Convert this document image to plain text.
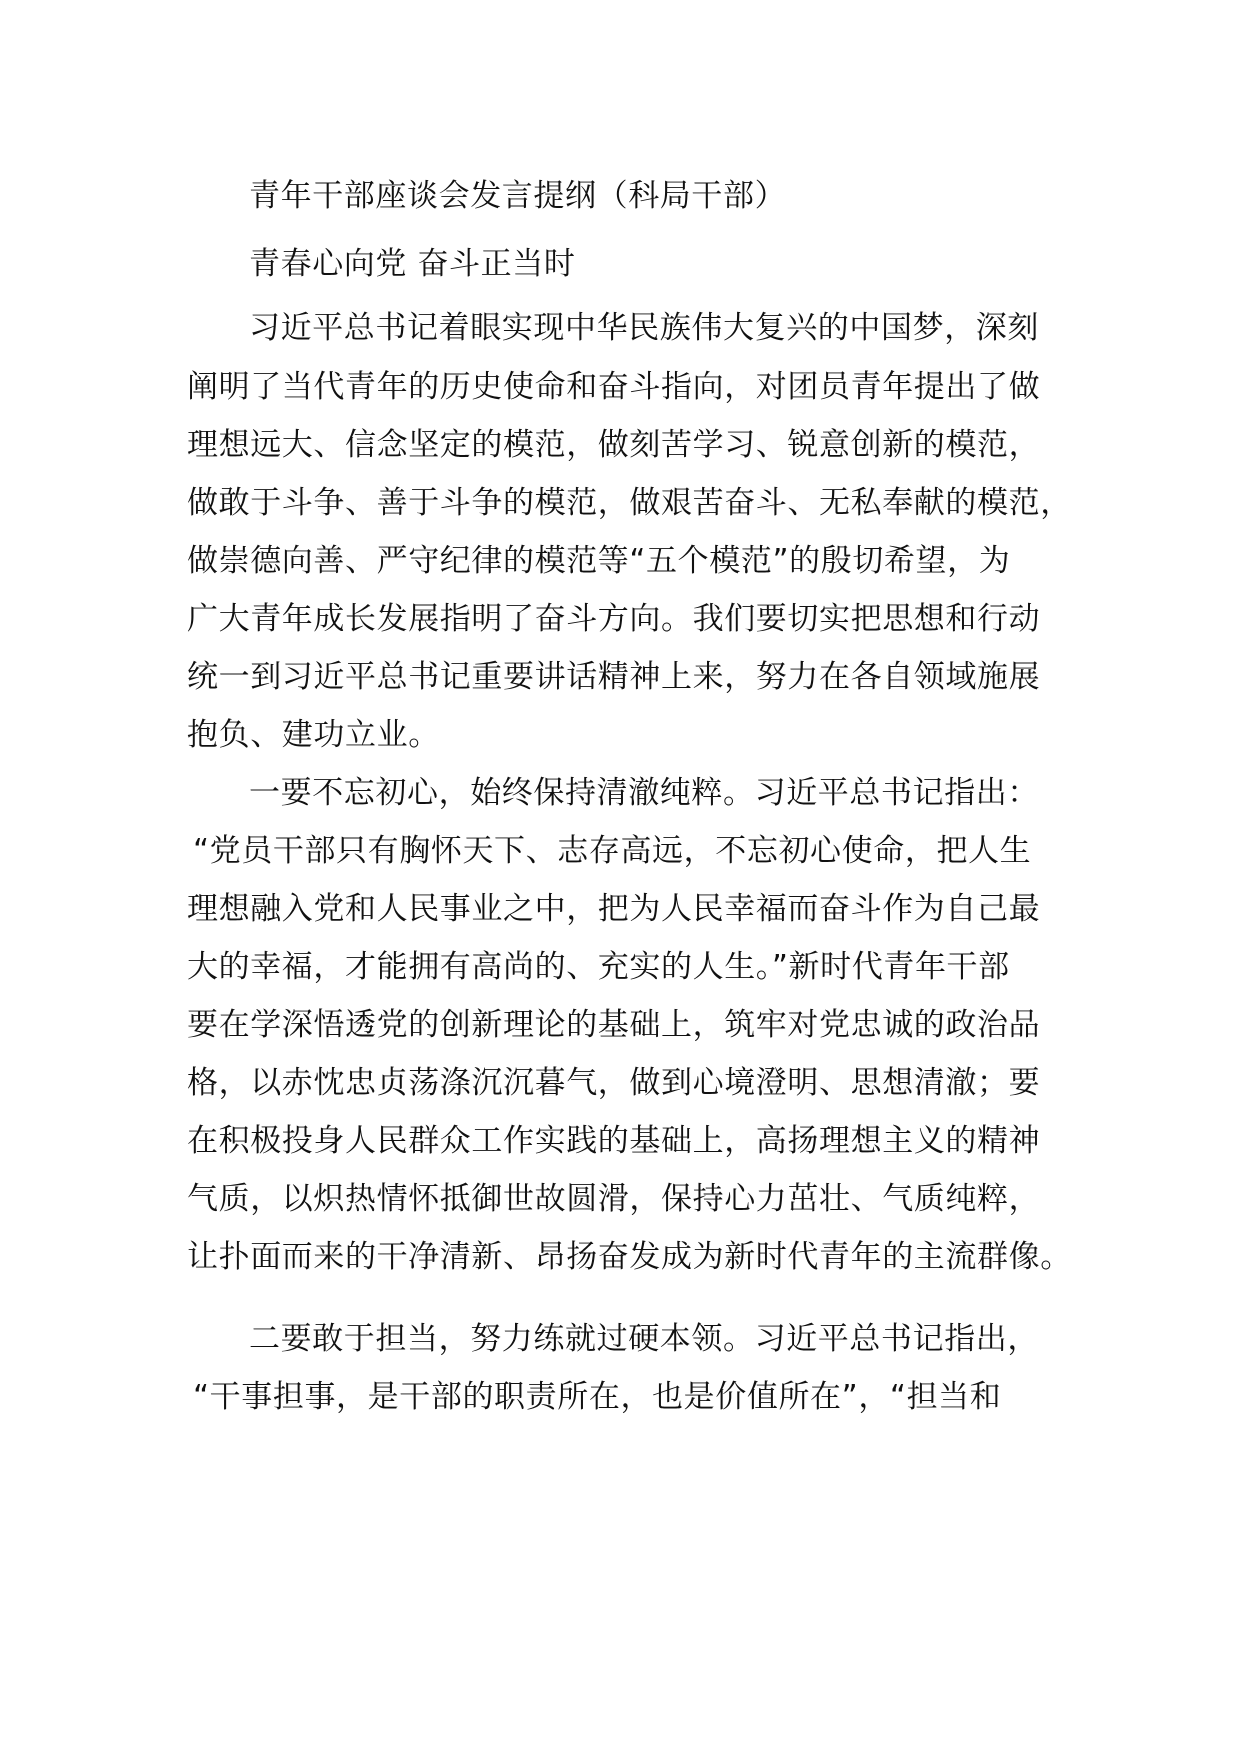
青年干部座谈会发言提纲（科局干部）
青春心向党 奋斗正当时
习近平总书记着眼实现中华民族伟大复兴的中国梦，深刻
阐明了当代青年的历史使命和奋斗指向，对团员青年提出了做
理想远大、信念坚定的模范，做刻苦学习、锐意创新的模范，
做敢于斗争、善于斗争的模范，做艰苦奋斗、无私奉献的模范，
做崇德向善、严守纪律的模范等“五个模范”的殷切希望，为
广大青年成长发展指明了奋斗方向。我们要切实把思想和行动
统一到习近平总书记重要讲话精神上来，努力在各自领域施展
抱负、建功立业。
一要不忘初心，始终保持清澈纯粹。习近平总书记指出：
“党员干部只有胸怀天下、志存高远，不忘初心使命，把人生
理想融入党和人民事业之中，把为人民幸福而奋斗作为自己最
大的幸福，才能拥有高尚的、充实的人生。”新时代青年干部
要在学深悟透党的创新理论的基础上，筑牢对党忠诚的政治品
格，以赤忱忠贞荡涤沉沉暮气，做到心境澄明、思想清澈；要
在积极投身人民群众工作实践的基础上，高扬理想主义的精神
气质，以炽热情怀抵御世故圆滑，保持心力茁壮、气质纯粹，
让扑面而来的干净清新、昂扬奋发成为新时代青年的主流群像。
二要敢于担当，努力练就过硬本领。习近平总书记指出，
“干事担事，是干部的职责所在，也是价值所在”，“担当和
